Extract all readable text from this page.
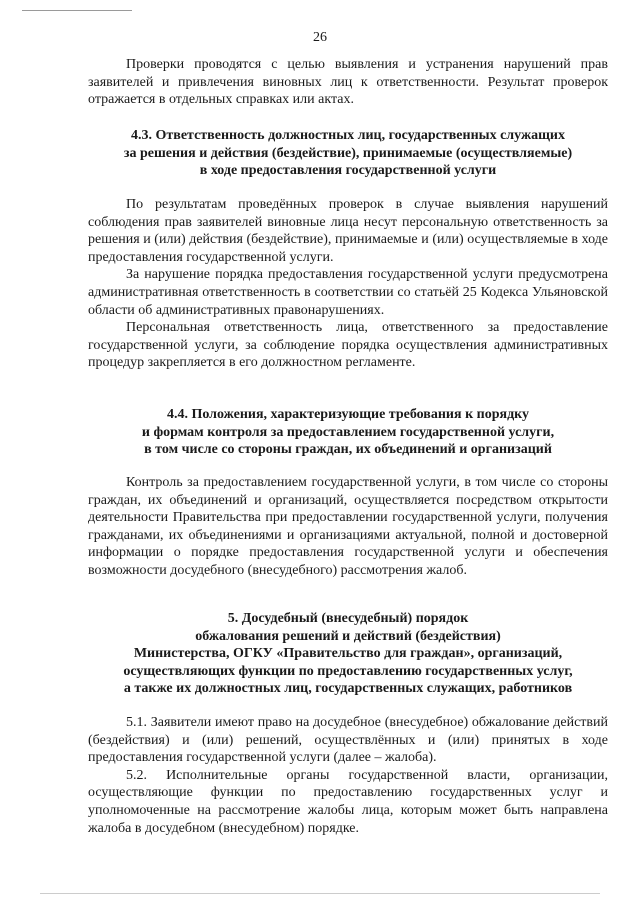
26

Проверки проводятся с целью выявления и устранения нарушений прав заявителей и привлечения виновных лиц к ответственности. Результат проверок отражается в отдельных справках или актах.

4.3. Ответственность должностных лиц, государственных служащих
за решения и действия (бездействие), принимаемые (осуществляемые)
в ходе предоставления государственной услуги

По результатам проведённых проверок в случае выявления нарушений соблюдения прав заявителей виновные лица несут персональную ответственность за решения и (или) действия (бездействие), принимаемые и (или) осуществляемые в ходе предоставления государственной услуги.

За нарушение порядка предоставления государственной услуги предусмотрена административная ответственность в соответствии со статьёй 25 Кодекса Ульяновской области об административных правонарушениях.

Персональная ответственность лица, ответственного за предоставление государственной услуги, за соблюдение порядка осуществления административных процедур закрепляется в его должностном регламенте.

4.4. Положения, характеризующие требования к порядку
и формам контроля за предоставлением государственной услуги,
в том числе со стороны граждан, их объединений и организаций

Контроль за предоставлением государственной услуги, в том числе со стороны граждан, их объединений и организаций, осуществляется посредством открытости деятельности Правительства при предоставлении государственной услуги, получения гражданами, их объединениями и организациями актуальной, полной и достоверной информации о порядке предоставления государственной услуги и обеспечения возможности досудебного (внесудебного) рассмотрения жалоб.

5. Досудебный (внесудебный) порядок
обжалования решений и действий (бездействия)
Министерства, ОГКУ «Правительство для граждан», организаций,
осуществляющих функции по предоставлению государственных услуг,
а также их должностных лиц, государственных служащих, работников

5.1. Заявители имеют право на досудебное (внесудебное) обжалование действий (бездействия) и (или) решений, осуществлённых и (или) принятых в ходе предоставления государственной услуги (далее – жалоба).

5.2. Исполнительные органы государственной власти, организации, осуществляющие функции по предоставлению государственных услуг и уполномоченные на рассмотрение жалобы лица, которым может быть направлена жалоба в досудебном (внесудебном) порядке.
